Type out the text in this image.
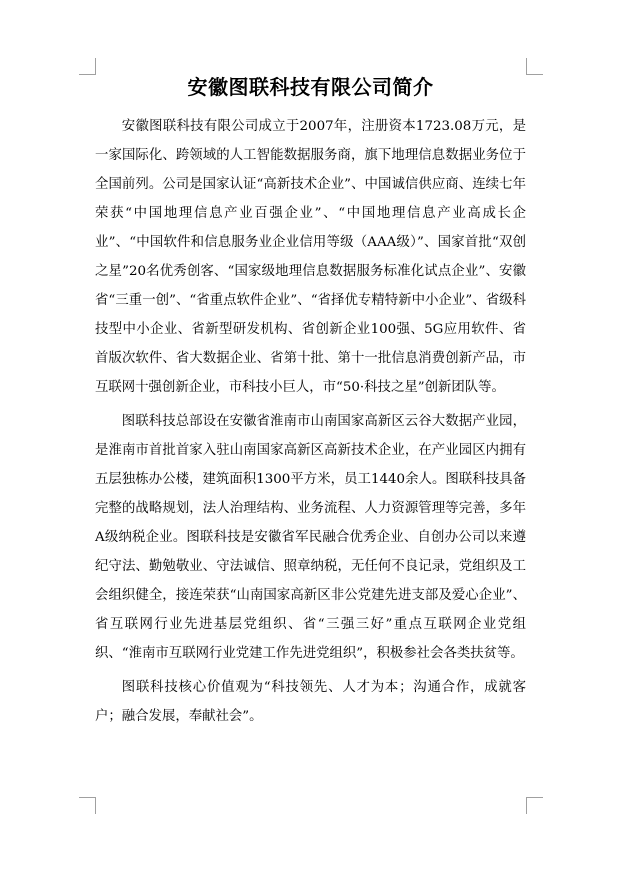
安徽图联科技有限公司简介

安徽图联科技有限公司成立于2007年，注册资本1723.08万元，是一家国际化、跨领域的人工智能数据服务商，旗下地理信息数据业务位于全国前列。公司是国家认证“高新技术企业”、中国诚信供应商、连续七年荣获“中国地理信息产业百强企业”、“中国地理信息产业高成长企业”、“中国软件和信息服务业企业信用等级（AAA级）”、国家首批“双创之星”20名优秀创客、“国家级地理信息数据服务标准化试点企业”、安徽省“三重一创”、“省重点软件企业”、“省择优专精特新中小企业”、省级科技型中小企业、省新型研发机构、省创新企业100强、5G应用软件、省首版次软件、省大数据企业、省第十批、第十一批信息消费创新产品，市互联网十强创新企业，市科技小巨人，市“50·科技之星”创新团队等。

图联科技总部设在安徽省淮南市山南国家高新区云谷大数据产业园，是淮南市首批首家入驻山南国家高新区高新技术企业，在产业园区内拥有五层独栋办公楼，建筑面积1300平方米，员工1440余人。图联科技具备完整的战略规划，法人治理结构、业务流程、人力资源管理等完善，多年A级纳税企业。图联科技是安徽省军民融合优秀企业、自创办公司以来遵纪守法、勤勉敬业、守法诚信、照章纳税，无任何不良记录，党组织及工会组织健全，接连荣获“山南国家高新区非公党建先进支部及爱心企业”、省互联网行业先进基层党组织、省“三强三好”重点互联网企业党组织、“淮南市互联网行业党建工作先进党组织”，积极参社会各类扶贫等。

图联科技核心价值观为“科技领先、人才为本；沟通合作，成就客户；融合发展，奉献社会”。
